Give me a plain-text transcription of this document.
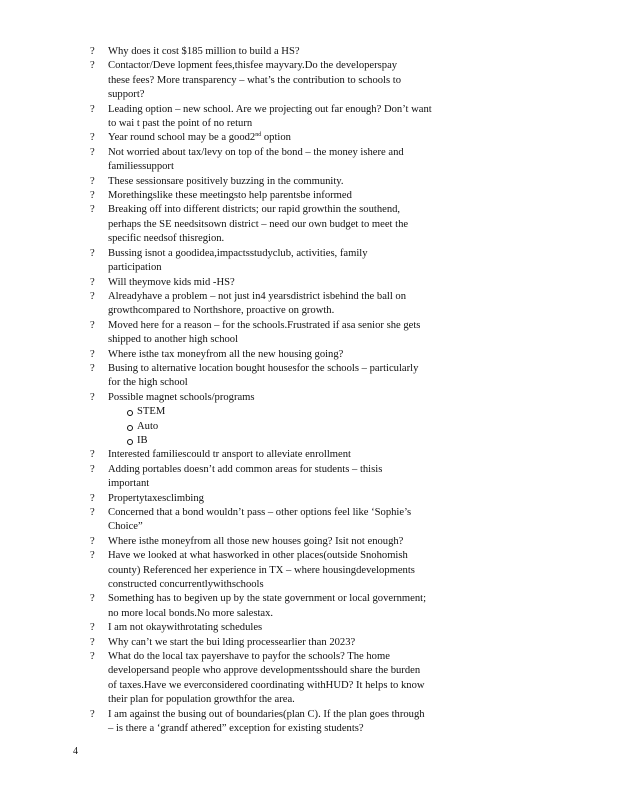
? Why does it cost $185 million to build a HS?
? Contactor/Deve lopment fees,thisfee mayvary.Do the developerspay
these fees? More transparency – what’s the contribution to schools to
support?
? Leading option – new school. Are we projecting out far enough? Don’t want
to wai t past the point of no return
? Year round school may be a good2nd option
? Not worried about tax/levy on top of the bond – the money ishere and
familiessupport
? These sessionsare positively buzzing in the community.
? Morethingslike these meetingsto help parentsbe informed
? Breaking off into different districts; our rapid growthin the southend,
perhaps the SE needsitsown district – need our own budget to meet the
specific needsof thisregion.
? Bussing isnot a goodidea,impactsstudyclub, activities, family
participation
? Will theymove kids mid -HS?
? Alreadyhave a problem – not just in4 yearsdistrict isbehind the ball on
growthcompared to Northshore, proactive on growth.
? Moved here for a reason – for the schools.Frustrated if asa senior she gets
shipped to another high school
? Where isthe tax moneyfrom all the new housing going?
? Busing to alternative location bought housesfor the schools – particularly
for the high school
? Possible magnet schools/programs
STEM
Auto
IB
? Interested familiescould tr ansport to alleviate enrollment
? Adding portables doesn’t add common areas for students – thisis
important
? Propertytaxesclimbing
? Concerned that a bond wouldn’t pass – other options feel like ‘Sophie’s
Choice”
? Where isthe moneyfrom all those new houses going? Isit not enough?
? Have we looked at what hasworked in other places(outside Snohomish
county) Referenced her experience in TX – where housingdevelopments
constructed concurrentlywithschools
? Something has to begiven up by the state government or local government;
no more local bonds.No more salestax.
? I am not okaywithrotating schedules
? Why can’t we start the bui lding processearlier than 2023?
? What do the local tax payershave to payfor the schools? The home
developersand people who approve developmentsshould share the burden
of taxes.Have we everconsidered coordinating withHUD? It helps to know
their plan for population growthfor the area.
? I am against the busing out of boundaries(plan C). If the plan goes through
– is there a ‘grandf athered” exception for existing students?
4
